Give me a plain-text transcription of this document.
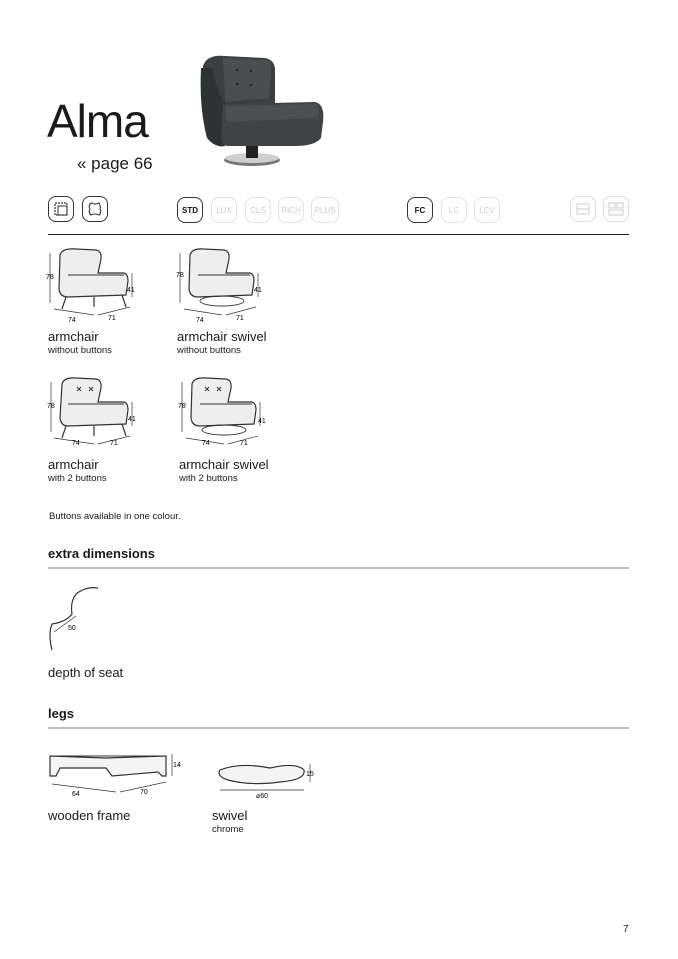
Alma
« page 66
STD	LUX	CLS	RICH	PLUS	FC	LC	LCV
78
41
74	71
78
41
74	71
armchair
without buttons
armchair swivel
without buttons
78
41
74	71
78
41
74	71
armchair
with 2 buttons
armchair swivel
with 2 buttons
Buttons available in one colour.
extra dimensions
50
depth of seat
legs
14
64	70
wooden frame
15
⌀60
swivel
chrome
7
